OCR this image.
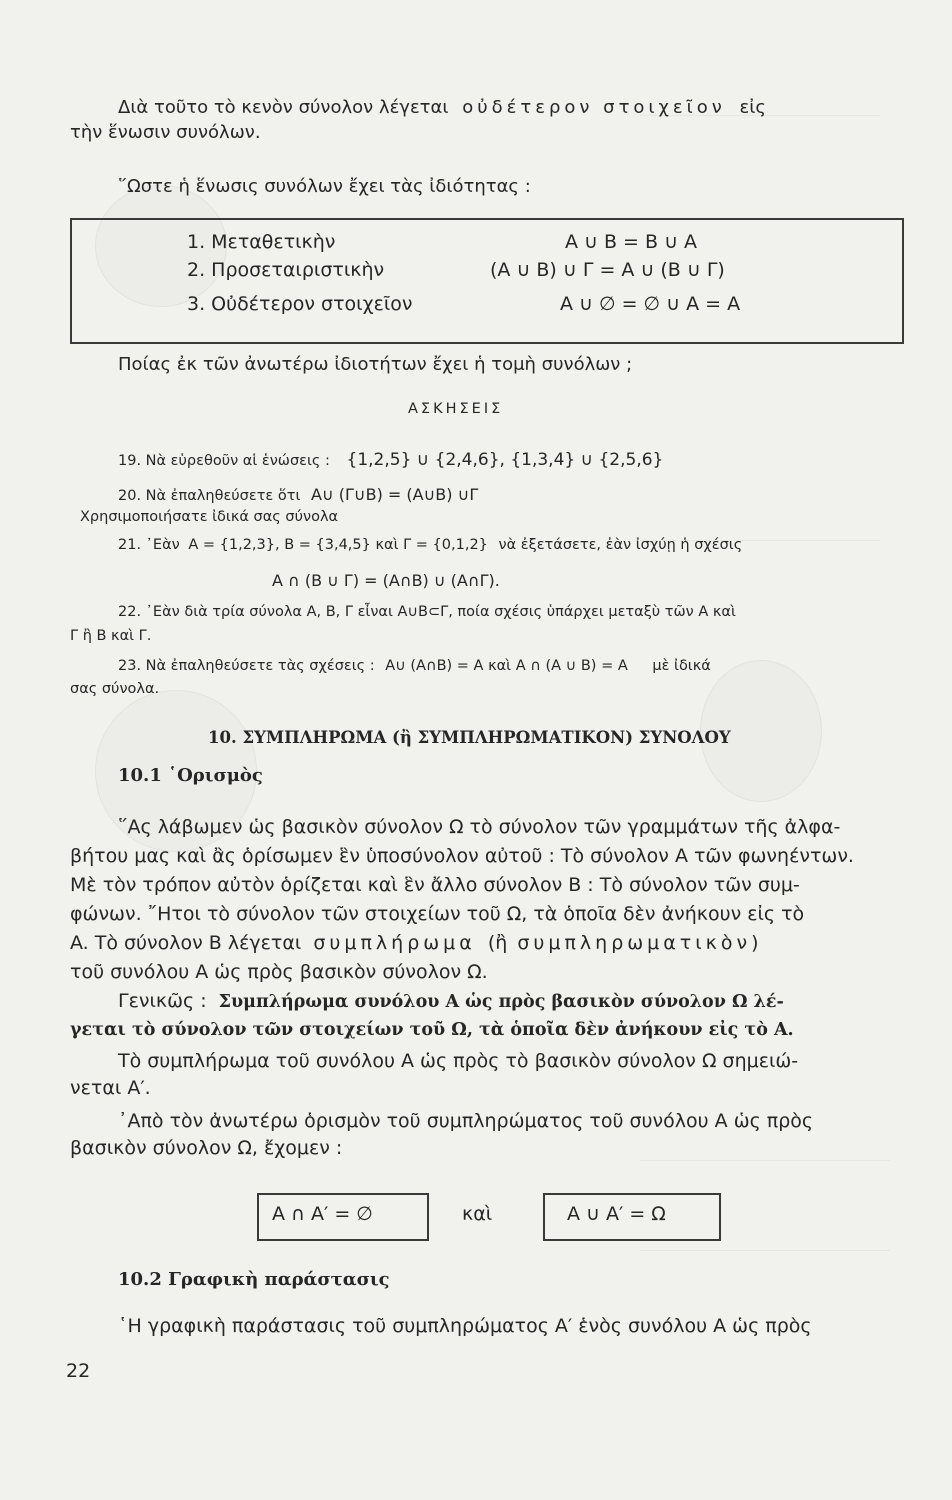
Διὰ τοῦτο τὸ κενὸν σύνολον λέγεται οὐδέτερον στοιχεῖον εἰς
τὴν ἕνωσιν συνόλων.
῞Ωστε ἡ ἕνωσις συνόλων ἔχει τὰς ἰδιότητας :
1. Μεταθετικὴν	A ∪ B = B ∪ A
2. Προσεταιριστικὴν	(A ∪ B) ∪ Γ = A ∪ (B ∪ Γ)
3. Οὐδέτερον στοιχεῖον	A ∪ ∅ = ∅ ∪ A = A
Ποίας ἐκ τῶν ἀνωτέρω ἰδιοτήτων ἔχει ἡ τομὴ συνόλων ;
ΑΣΚΗΣΕΙΣ
19. Νὰ εὑρεθοῦν αἱ ἑνώσεις : {1,2,5} ∪ {2,4,6}, {1,3,4} ∪ {2,5,6}
20. Νὰ ἐπαληθεύσετε ὅτι A∪ (Γ∪B) = (A∪B) ∪Γ
Χρησιμοποιήσατε ἰδικά σας σύνολα
21. ᾿Εὰν A = {1,2,3}, B = {3,4,5} καὶ Γ = {0,1,2} νὰ ἐξετάσετε, ἐὰν ἰσχύῃ ἡ σχέσις
A ∩ (B ∪ Γ) = (A∩B) ∪ (A∩Γ).
22. ᾿Εὰν διὰ τρία σύνολα A, B, Γ εἶναι A∪B⊂Γ, ποία σχέσις ὑπάρχει μεταξὺ τῶν A καὶ
Γ ἢ B καὶ Γ.
23. Νὰ ἐπαληθεύσετε τὰς σχέσεις : A∪ (A∩B) = A καὶ A ∩ (A ∪ B) = A μὲ ἰδικά
σας σύνολα.
10. ΣΥΜΠΛΗΡΩΜΑ (ἢ ΣΥΜΠΛΗΡΩΜΑΤΙΚΟΝ) ΣΥΝΟΛΟΥ
10.1 ῾Ορισμὸς
῞Ας λάβωμεν ὡς βασικὸν σύνολον Ω τὸ σύνολον τῶν γραμμάτων τῆς ἀλφα-
βήτου μας καὶ ἂς ὁρίσωμεν ἓν ὑποσύνολον αὐτοῦ : Τὸ σύνολον A τῶν φωνηέντων.
Μὲ τὸν τρόπον αὐτὸν ὁρίζεται καὶ ἓν ἄλλο σύνολον B : Τὸ σύνολον τῶν συμ-
φώνων. ῎Ητοι τὸ σύνολον τῶν στοιχείων τοῦ Ω, τὰ ὁποῖα δὲν ἀνήκουν εἰς τὸ
A. Τὸ σύνολον B λέγεται συμπλήρωμα (ἢ συμπληρωματικὸν)
τοῦ συνόλου A ὡς πρὸς βασικὸν σύνολον Ω.
Γενικῶς : Συμπλήρωμα συνόλου A ὡς πρὸς βασικὸν σύνολον Ω λέ-
γεται τὸ σύνολον τῶν στοιχείων τοῦ Ω, τὰ ὁποῖα δὲν ἀνήκουν εἰς τὸ A.
Τὸ συμπλήρωμα τοῦ συνόλου A ὡς πρὸς τὸ βασικὸν σύνολον Ω σημειώ-
νεται A′.
᾿Απὸ τὸν ἀνωτέρω ὁρισμὸν τοῦ συμπληρώματος τοῦ συνόλου A ὡς πρὸς
βασικὸν σύνολον Ω, ἔχομεν :
A ∩ A′ = ∅	καὶ	A ∪ A′ = Ω
10.2 Γραφικὴ παράστασις
῾Η γραφικὴ παράστασις τοῦ συμπληρώματος A′ ἑνὸς συνόλου A ὡς πρὸς
22
